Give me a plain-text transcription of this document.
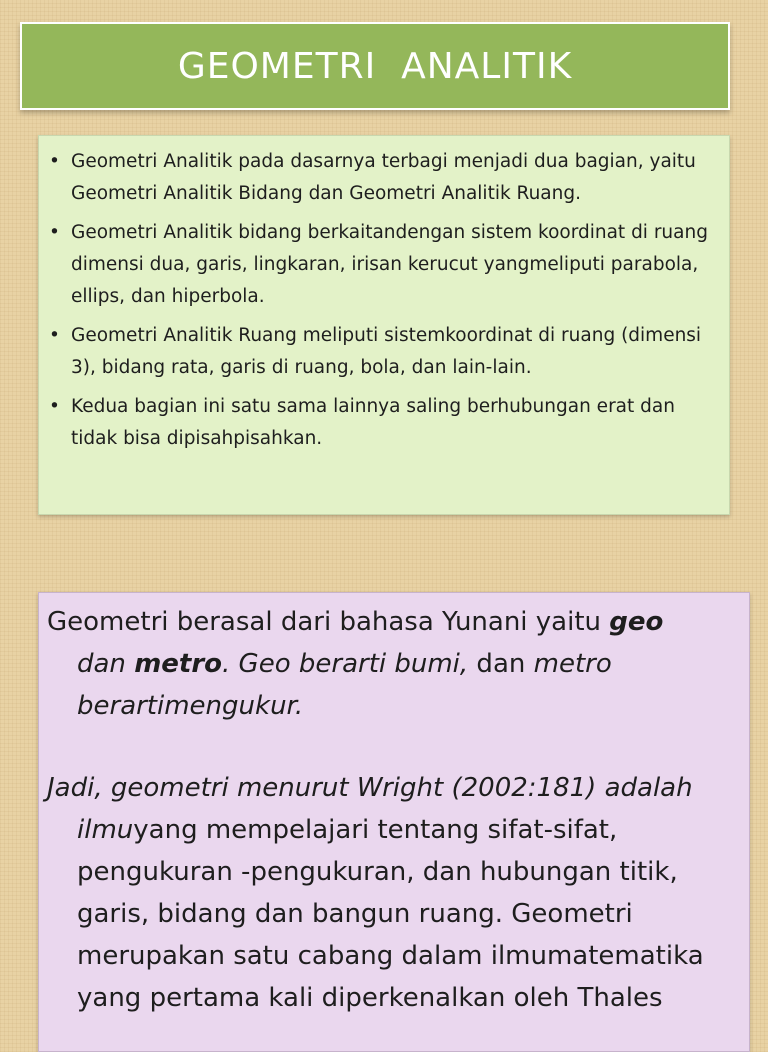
GEOMETRI  ANALITIK
• Geometri Analitik pada dasarnya terbagi menjadi dua bagian, yaitu Geometri Analitik Bidang dan Geometri Analitik Ruang.
• Geometri Analitik bidang berkaitandengan sistem koordinat di ruang dimensi dua, garis, lingkaran, irisan kerucut yangmeliputi parabola, ellips, dan hiperbola.
• Geometri Analitik Ruang meliputi sistemkoordinat di ruang (dimensi 3), bidang rata, garis di ruang, bola, dan lain-lain.
• Kedua bagian ini satu sama lainnya saling berhubungan erat dan tidak bisa dipisahpisahkan.

Geometri berasal dari bahasa Yunani yaitu geo
dan metro. Geo berarti bumi, dan metro
berartimengukur.

Jadi, geometri menurut Wright (2002:181) adalah ilmuyang mempelajari tentang sifat-sifat, pengukuran -pengukuran, dan hubungan titik, garis, bidang dan bangun ruang. Geometri merupakan satu cabang dalam ilmumatematika yang pertama kali diperkenalkan oleh Thales
